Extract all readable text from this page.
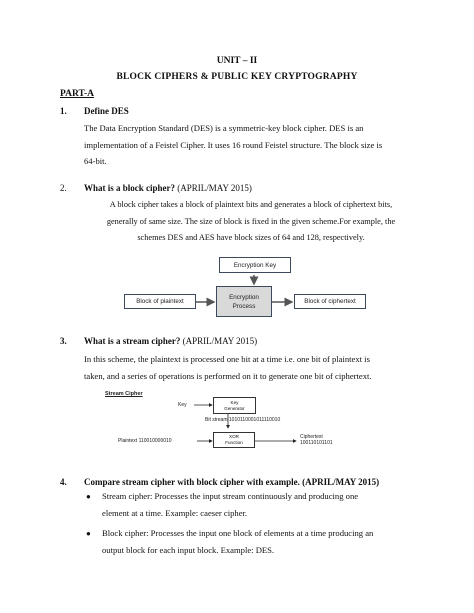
UNIT – II
BLOCK CIPHERS & PUBLIC KEY CRYPTOGRAPHY
PART-A
1. Define DES
The Data Encryption Standard (DES) is a symmetric-key block cipher. DES is an
implementation of a Feistel Cipher. It uses 16 round Feistel structure. The block size is
64-bit.
2. What is a block cipher? (APRIL/MAY 2015)
A block cipher takes a block of plaintext bits and generates a block of ciphertext bits,
generally of same size. The size of block is fixed in the given scheme.For example, the
schemes DES and AES have block sizes of 64 and 128, respectively.
Encryption Key
Encryption
Process
Block of plaintext	Block of ciphertext
3. What is a stream cipher? (APRIL/MAY 2015)
In this scheme, the plaintext is processed one bit at a time i.e. one bit of plaintext is
taken, and a series of operations is performed on it to generate one bit of ciphertext.
Stream Cipher
Key	Key
Generator
Bit stream 1010110001011110010
Plaintext 110010000010
XOR
Function
Ciphertext
100110101101
4. Compare stream cipher with block cipher with example. (APRIL/MAY 2015)
● Stream cipher: Processes the input stream continuously and producing one
element at a time. Example: caeser cipher.
● Block cipher: Processes the input one block of elements at a time producing an
output block for each input block. Example: DES.
